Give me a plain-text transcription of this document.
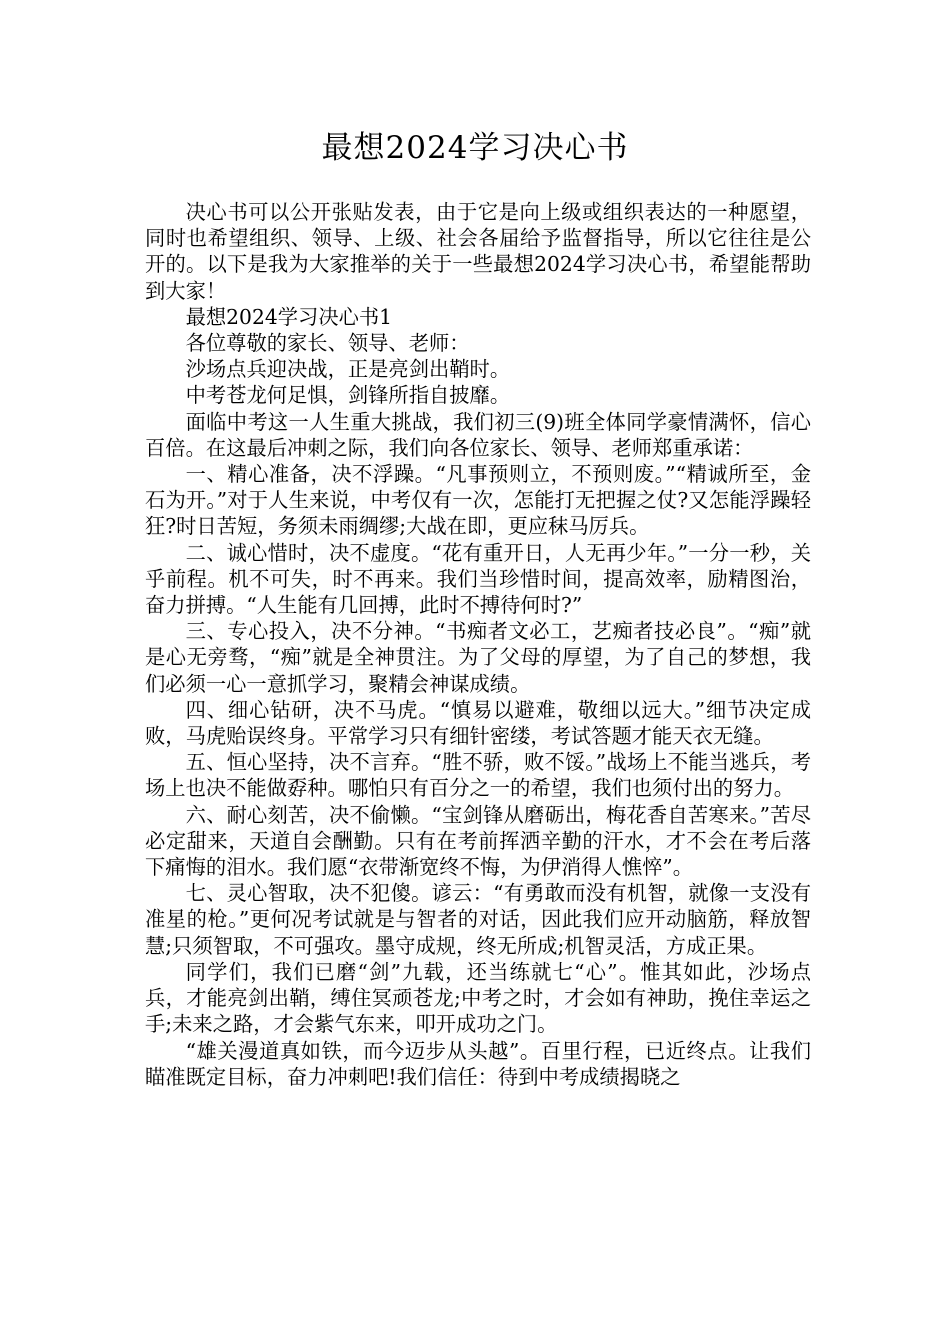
最想2024学习决心书

决心书可以公开张贴发表，由于它是向上级或组织表达的一种愿望，同时也希望组织、领导、上级、社会各届给予监督指导，所以它往往是公开的。以下是我为大家推举的关于一些最想2024学习决心书，希望能帮助到大家！

最想2024学习决心书1

各位尊敬的家长、领导、老师：

沙场点兵迎决战，正是亮剑出鞘时。

中考苍龙何足惧，剑锋所指自披靡。

面临中考这一人生重大挑战，我们初三(9)班全体同学豪情满怀，信心百倍。在这最后冲刺之际，我们向各位家长、领导、老师郑重承诺：

一、精心准备，决不浮躁。“凡事预则立，不预则废。”“精诚所至，金石为开。”对于人生来说，中考仅有一次，怎能打无把握之仗?又怎能浮躁轻狂?时日苦短，务须未雨绸缪;大战在即，更应秣马厉兵。

二、诚心惜时，决不虚度。“花有重开日，人无再少年。”一分一秒，关乎前程。机不可失，时不再来。我们当珍惜时间，提高效率，励精图治，奋力拼搏。“人生能有几回搏，此时不搏待何时?”

三、专心投入，决不分神。“书痴者文必工，艺痴者技必良”。“痴”就是心无旁骛，“痴”就是全神贯注。为了父母的厚望，为了自己的梦想，我们必须一心一意抓学习，聚精会神谋成绩。

四、细心钻研，决不马虎。“慎易以避难，敬细以远大。”细节决定成败，马虎贻误终身。平常学习只有细针密缕，考试答题才能天衣无缝。

五、恒心坚持，决不言弃。“胜不骄，败不馁。”战场上不能当逃兵，考场上也决不能做孬种。哪怕只有百分之一的希望，我们也须付出的努力。

六、耐心刻苦，决不偷懒。“宝剑锋从磨砺出，梅花香自苦寒来。”苦尽必定甜来，天道自会酬勤。只有在考前挥洒辛勤的汗水，才不会在考后落下痛悔的泪水。我们愿“衣带渐宽终不悔，为伊消得人憔悴”。

七、灵心智取，决不犯傻。谚云：“有勇敢而没有机智，就像一支没有准星的枪。”更何况考试就是与智者的对话，因此我们应开动脑筋，释放智慧;只须智取，不可强攻。墨守成规，终无所成;机智灵活，方成正果。

同学们，我们已磨“剑”九载，还当练就七“心”。惟其如此，沙场点兵，才能亮剑出鞘，缚住冥顽苍龙;中考之时，才会如有神助，挽住幸运之手;未来之路，才会紫气东来，叩开成功之门。

“雄关漫道真如铁，而今迈步从头越”。百里行程，已近终点。让我们瞄准既定目标，奋力冲刺吧!我们信任：待到中考成绩揭晓之
